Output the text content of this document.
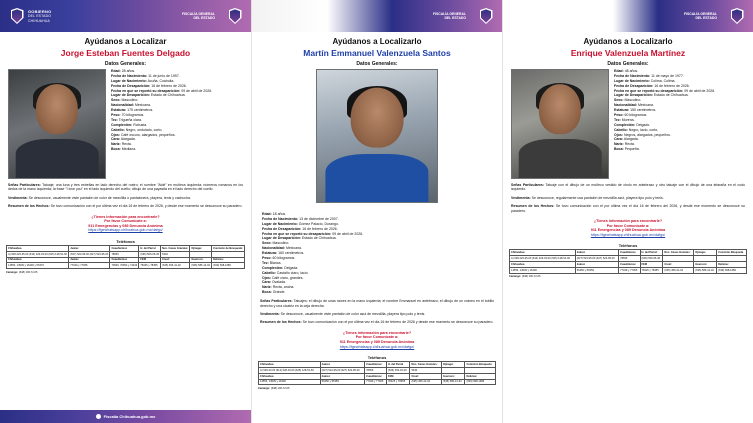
GOBIERNO
DEL ESTADO
CHIHUAHUA
FISCALÍA GENERAL
DEL ESTADO
Ayúdanos a Localizar
Jorge Esteban Fuentes Delgado
Datos Generales:
Edad: 28 años.
Fecha de Nacimiento: 11 de junio de 1997.
Lugar de Nacimiento: Acuña, Coahuila.
Fecha de Desaparición: 16 de febrero de 2026.
Fecha en que se reportó su desaparición: 09 de abril de 2026.
Lugar de Desaparición: Estado de Chihuahua.
Sexo: Masculino.
Nacionalidad: Mexicana.
Estatura: 175 centímetros.
Peso: 70 kilogramos.
Tez: Trigueña clara.
Complexión: Robusta.
Cabello: Negro, ondulado, corto.
Ojos: Café oscuro, alargados, pequeños.
Cara: Alargada.
Nariz: Recta.
Boca: Mediana.
Señas Particulares: Tatuaje; una luna y tres estrellas en lado derecho del rostro; el nombre "Aidé" en muñeca izquierda; números romanos en los dedos de la mano izquierda; la frase "I love you" en el lado izquierdo del cuello; dibujo de una payasita en el lado derecho del cuello.
Vestimenta: Se desconoce, usualmente viste pantalón de color de mezclilla o pantalonera, playera, tenis y cachucha.
Resumen de los Hechos: Se tuvo comunicación con el por última vez el día 16 de febrero de 2026, y desde ese momento se desconoce su paradero.
¿Tienes información para encontrarle?
Por favor Comunícate a:
911 Emergencias y 089 Denuncia Anónima
https://fgewhatsapp.chihuahua.gob.mx/dafgo/
Teléfonos
Chihuahua	Juárez	Cuauhtémoc	H. del Parral	Nvo. Casas Grandes:	Ojinaga:	Comisión de Búsqueda:
A) 628-423-35-00 (614) 429-33-00 (625) 128-51-60	(627) 522-95-00 (627) 523-95-00	78656	(636) 506-06-36	5340		
Chihuahua	Juárez	Cuauhtémoc	FEM	Creel:	Guerrero:	Delicias:
14553, 14539 y 16400 y 56376	77049 y 77065	70546, 70652 y 74433	78425 y 78455	(635) 456-41-02	(635) 586-13-94	(639) 698-1686
Camargo: (648) 106-72-05
Fiscalía Chihuahua.gob.mx
FISCALÍA GENERAL
DEL ESTADO
Ayúdanos a Localizarlo
Martín Emmanuel Valenzuela Santos
Datos Generales:
Edad: 18 años.
Fecha de Nacimiento: 13 de diciembre de 2007.
Lugar de Nacimiento: Gómez Palacio, Durango.
Fecha de Desaparición: 16 de febrero de 2026.
Fecha en que se reportó su desaparición: 09 de abril de 2026.
Lugar de Desaparición: Estado de Chihuahua.
Sexo: Masculino.
Nacionalidad: Mexicana.
Estatura: 160 centímetros.
Peso: 60 kilogramos.
Tez: Blanca.
Complexión: Delgada.
Cabello: Castaño claro, lacio.
Ojos: Café claro, grandes.
Cara: Ovalada.
Nariz: Recta, ancha.
Boca: Grande.
Señas Particulares: Tatuajes: el dibujo de unas raíces en la mano izquierda; el nombre Emmanuel en antebrazo; el dibujo de un cráneo en el tobillo derecho y una cicatriz en la ceja derecha.
Vestimenta: Se desconoce, usualmente viste pantalón de color azul de mezclilla, playera tipo polo y tenis.
Resumen de los Hechos: Se tuvo comunicación con el por última vez el día 16 de febrero de 2026 y desde ese momento se desconoce su paradero.
¿Tienes información para encontrarle?
Por favor Comunícate a:
911 Emergencias y 089 Denuncia Anónima
https://fgewhatsapp.chihuahua.gob.mx/dafgo/
Teléfonos
Chihuahua	Juárez	Cuauhtémoc	H. del Parral	Nvo. Casas Grandes:	Ojinaga:	Comisión Búsqueda
A) 628-33-00 (614) 628-33-00 (625) 128-51-60	(627) 522-95-00 (627) 523-95-00	78656	(636) 453-23-03	5340		
Chihuahua	Juárez	Cuauhtémoc	FEM	Creel:	Guerrero:	Delicias:
14553, 14539 y 16400	56450 y 56359	77049 y 77065	78425 y 78455	(635) 456-41-02	(635) 586-13-94	(639) 698-1686
Camargo: (648) 106-72-05
FISCALÍA GENERAL
DEL ESTADO
Ayúdanos a Localizarlo
Enrique Valenzuela Martínez
Datos Generales:
Edad: 48 años.
Fecha de Nacimiento: 11 de mayo de 1977.
Lugar de Nacimiento: Colima, Colima.
Fecha de Desaparición: 16 de febrero de 2026.
Fecha en que se reportó su desaparición: 09 de abril de 2026.
Lugar de Desaparición: Estado de Chihuahua.
Sexo: Masculino.
Nacionalidad: Mexicana.
Estatura: 150 centímetros.
Peso: 60 kilogramos.
Tez: Morena.
Complexión: Delgado.
Cabello: Negro, lacio, corto.
Ojos: Negros, alargados, pequeños.
Cara: Alargada.
Nariz: Recta.
Boca: Pequeña.
Señas Particulares: Tatuaje con el dibujo de un muñeco vestido de cholo en antebrazo y otro tatuaje con el dibujo de una telaraña en el codo izquierdo.
Vestimenta: Se desconoce, regularmente usa pantalón de mezclilla azul, playera tipo polo y tenis.
Resumen de los Hechos: Se tuvo comunicación con el por última vez el día 16 de febrero del 2026, y desde ese momento se desconoce su paradero.
¿Tienes información para encontrarle?
Por favor Comunícate a:
911 Emergencias y 089 Denuncia Anónima
https://fgewhatsapp.chihuahua.gob.mx/dafgo/
Teléfonos
Chihuahua	Juárez	Cuauhtémoc	H. del Parral:	Nvo. Casas Grandes:	Ojinaga:	Comisión Búsqueda
A) 628-423-35-00 (614) 429-33-00 (625) 128-51-60	(627) 523-95-00 (627) 523-95-00	78656	(636) 506-06-36			
Chihuahua	Juárez	Cuauhtémoc	FEM	Creel:	Guerrero:	Delicias:
14553, 14539 y 16400	56450 y 56359	77049 y 77065	78425 y 78455	(635) 456-41-02	(635) 586-13-94	(639) 698-1686
Camargo: (648) 106-72-05
